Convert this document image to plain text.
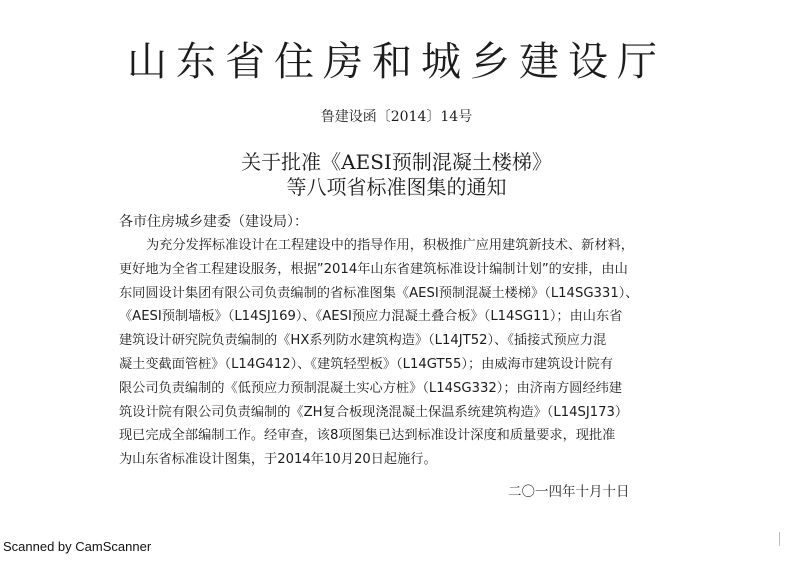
山东省住房和城乡建设厅
鲁建设函〔2014〕14号
关于批准《AESI预制混凝土楼梯》
等八项省标准图集的通知
各市住房城乡建委（建设局）：
为充分发挥标准设计在工程建设中的指导作用，积极推广应用建筑新技术、新材料，
更好地为全省工程建设服务，根据”2014年山东省建筑标准设计编制计划”的安排，由山
东同圆设计集团有限公司负责编制的省标准图集《AESI预制混凝土楼梯》（L14SG331）、
《AESI预制墙板》（L14SJ169）、《AESI预应力混凝土叠合板》（L14SG11）；由山东省
建筑设计研究院负责编制的《HX系列防水建筑构造》（L14JT52）、《插接式预应力混
凝土变截面管桩》（L14G412）、《建筑轻型板》（L14GT55）；由威海市建筑设计院有
限公司负责编制的《低预应力预制混凝土实心方桩》（L14SG332）；由济南方圆经纬建
筑设计院有限公司负责编制的《ZH复合板现浇混凝土保温系统建筑构造》（L14SJ173）
现已完成全部编制工作。经审查，该8项图集已达到标准设计深度和质量要求，现批准
为山东省标准设计图集，于2014年10月20日起施行。
二〇一四年十月十日
Scanned by CamScanner
